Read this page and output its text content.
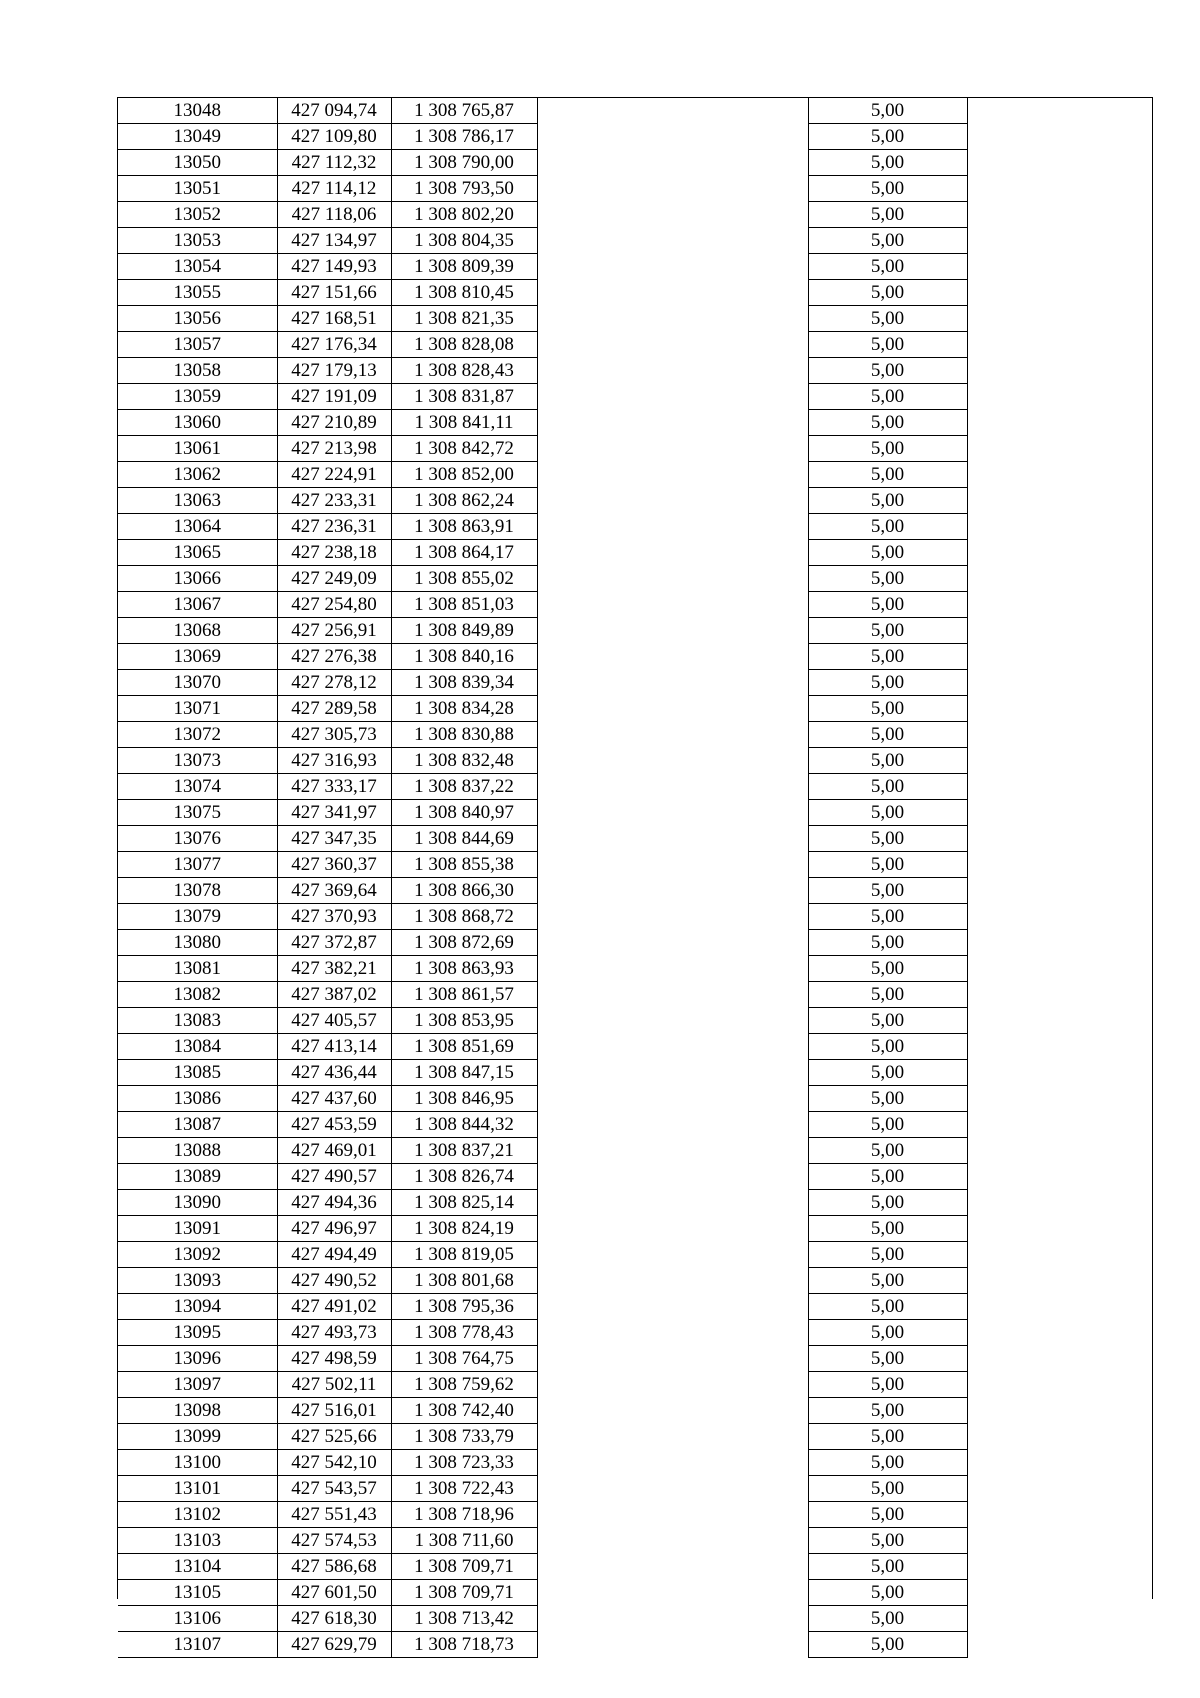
13048	427 094,74	1 308 765,87		5,00	
13049	427 109,80	1 308 786,17		5,00	
13050	427 112,32	1 308 790,00		5,00	
13051	427 114,12	1 308 793,50		5,00	
13052	427 118,06	1 308 802,20		5,00	
13053	427 134,97	1 308 804,35		5,00	
13054	427 149,93	1 308 809,39		5,00	
13055	427 151,66	1 308 810,45		5,00	
13056	427 168,51	1 308 821,35		5,00	
13057	427 176,34	1 308 828,08		5,00	
13058	427 179,13	1 308 828,43		5,00	
13059	427 191,09	1 308 831,87		5,00	
13060	427 210,89	1 308 841,11		5,00	
13061	427 213,98	1 308 842,72		5,00	
13062	427 224,91	1 308 852,00		5,00	
13063	427 233,31	1 308 862,24		5,00	
13064	427 236,31	1 308 863,91		5,00	
13065	427 238,18	1 308 864,17		5,00	
13066	427 249,09	1 308 855,02		5,00	
13067	427 254,80	1 308 851,03		5,00	
13068	427 256,91	1 308 849,89		5,00	
13069	427 276,38	1 308 840,16		5,00	
13070	427 278,12	1 308 839,34		5,00	
13071	427 289,58	1 308 834,28		5,00	
13072	427 305,73	1 308 830,88		5,00	
13073	427 316,93	1 308 832,48		5,00	
13074	427 333,17	1 308 837,22		5,00	
13075	427 341,97	1 308 840,97		5,00	
13076	427 347,35	1 308 844,69		5,00	
13077	427 360,37	1 308 855,38		5,00	
13078	427 369,64	1 308 866,30		5,00	
13079	427 370,93	1 308 868,72		5,00	
13080	427 372,87	1 308 872,69		5,00	
13081	427 382,21	1 308 863,93		5,00	
13082	427 387,02	1 308 861,57		5,00	
13083	427 405,57	1 308 853,95		5,00	
13084	427 413,14	1 308 851,69		5,00	
13085	427 436,44	1 308 847,15		5,00	
13086	427 437,60	1 308 846,95		5,00	
13087	427 453,59	1 308 844,32		5,00	
13088	427 469,01	1 308 837,21		5,00	
13089	427 490,57	1 308 826,74		5,00	
13090	427 494,36	1 308 825,14		5,00	
13091	427 496,97	1 308 824,19		5,00	
13092	427 494,49	1 308 819,05		5,00	
13093	427 490,52	1 308 801,68		5,00	
13094	427 491,02	1 308 795,36		5,00	
13095	427 493,73	1 308 778,43		5,00	
13096	427 498,59	1 308 764,75		5,00	
13097	427 502,11	1 308 759,62		5,00	
13098	427 516,01	1 308 742,40		5,00	
13099	427 525,66	1 308 733,79		5,00	
13100	427 542,10	1 308 723,33		5,00	
13101	427 543,57	1 308 722,43		5,00	
13102	427 551,43	1 308 718,96		5,00	
13103	427 574,53	1 308 711,60		5,00	
13104	427 586,68	1 308 709,71		5,00	
13105	427 601,50	1 308 709,71		5,00	
13106	427 618,30	1 308 713,42		5,00	
13107	427 629,79	1 308 718,73		5,00	
